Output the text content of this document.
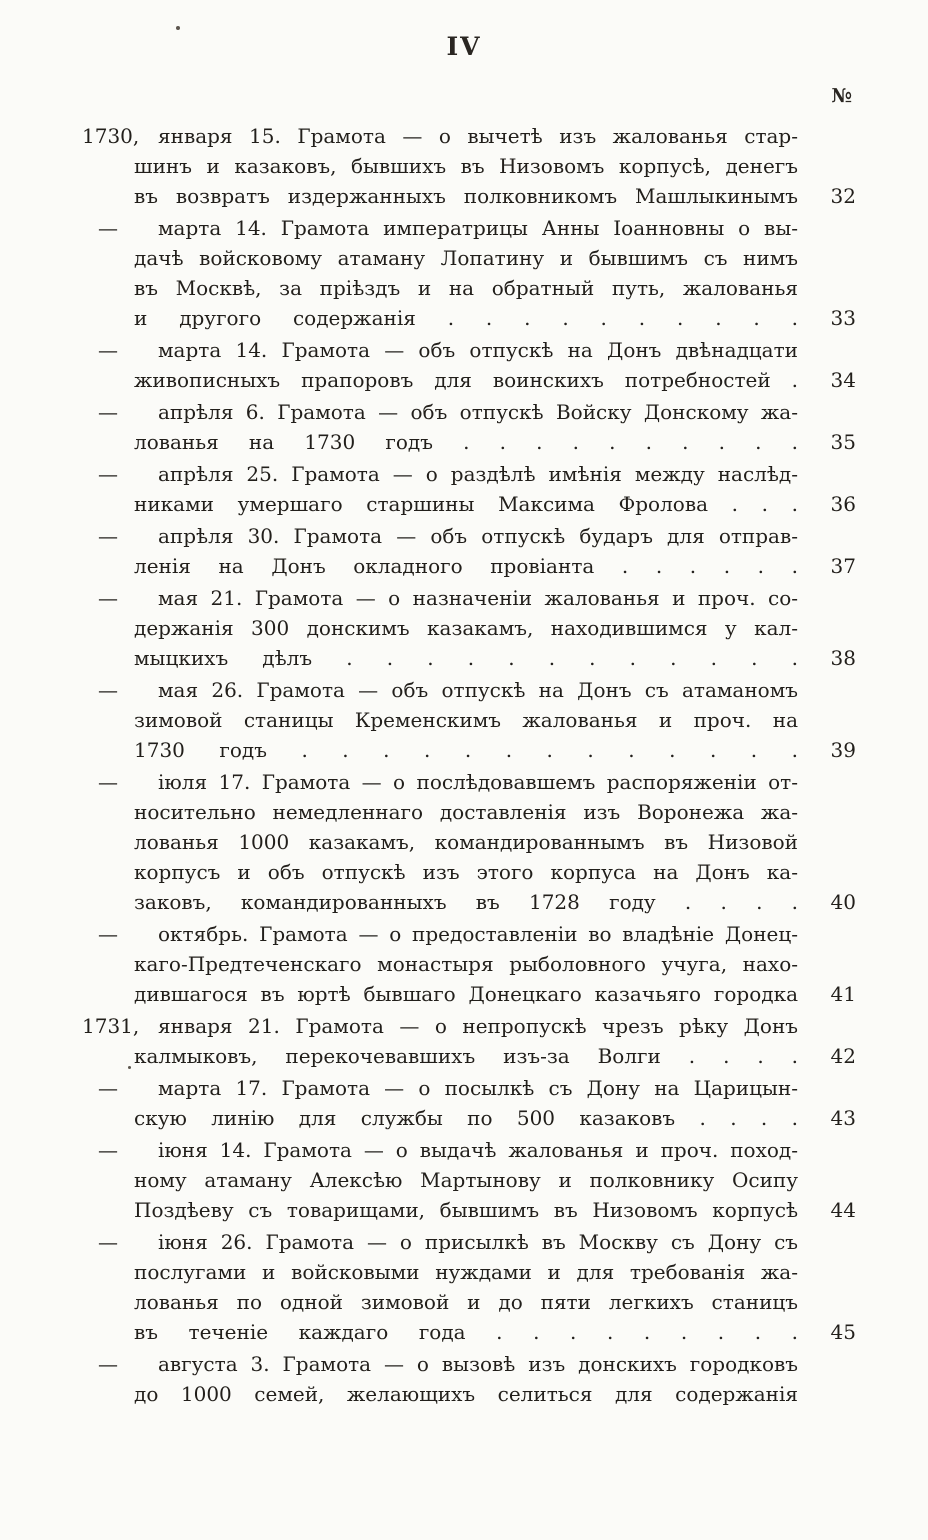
IV
№
1730, января 15. Грамота — о вычетѣ изъ жалованья стар-
шинъ и казаковъ, бывшихъ въ Низовомъ корпусѣ, денегъ
въ возвратъ издержанныхъ полковникомъ Машлыкинымъ	32
—	марта 14. Грамота императрицы Анны Іоанновны о вы-
дачѣ войсковому атаману Лопатину и бывшимъ съ нимъ
въ Москвѣ, за пріѣздъ и на обратный путь, жалованья
и другого содержанія . . . . . . . . . .	33
—	марта 14. Грамота — объ отпускѣ на Донъ двѣнадцати
живописныхъ прапоровъ для воинскихъ потребностей .	34
—	апрѣля 6. Грамота — объ отпускѣ Войску Донскому жа-
лованья на 1730 годъ . . . . . . . . . .	35
—	апрѣля 25. Грамота — о раздѣлѣ имѣнія между наслѣд-
никами умершаго старшины Максима Фролова . . .	36
—	апрѣля 30. Грамота — объ отпускѣ бударъ для отправ-
ленія на Донъ окладного провіанта . . . . . .	37
—	мая 21. Грамота — о назначеніи жалованья и проч. со-
держанія 300 донскимъ казакамъ, находившимся у кал-
мыцкихъ дѣлъ . . . . . . . . . . . .	38
—	мая 26. Грамота — объ отпускѣ на Донъ съ атаманомъ
зимовой станицы Кременскимъ жалованья и проч. на
1730 годъ . . . . . . . . . . . . .	39
—	іюля 17. Грамота — о послѣдовавшемъ распоряженіи от-
носительно немедленнаго доставленія изъ Воронежа жа-
лованья 1000 казакамъ, командированнымъ въ Низовой
корпусъ и объ отпускѣ изъ этого корпуса на Донъ ка-
заковъ, командированныхъ въ 1728 году . . . .	40
—	октябрь. Грамота — о предоставленіи во владѣніе Донец-
каго-Предтеченскаго монастыря рыболовного учуга, нахо-
дившагося въ юртѣ бывшаго Донецкаго казачьяго городка	41
1731, января 21. Грамота — о непропускѣ чрезъ рѣку Донъ
калмыковъ, перекочевавшихъ изъ-за Волги . . . .	42
—	марта 17. Грамота — о посылкѣ съ Дону на Царицын-
скую линію для службы по 500 казаковъ . . . .	43
—	іюня 14. Грамота — о выдачѣ жалованья и проч. поход-
ному атаману Алексѣю Мартынову и полковнику Осипу
Поздѣеву съ товарищами, бывшимъ въ Низовомъ корпусѣ	44
—	іюня 26. Грамота — о присылкѣ въ Москву съ Дону съ
послугами и войсковыми нуждами и для требованія жа-
лованья по одной зимовой и до пяти легкихъ станицъ
въ теченіе каждаго года . . . . . . . . .	45
—	августа 3. Грамота — о вызовѣ изъ донскихъ городковъ
до 1000 семей, желающихъ селиться для содержанія
